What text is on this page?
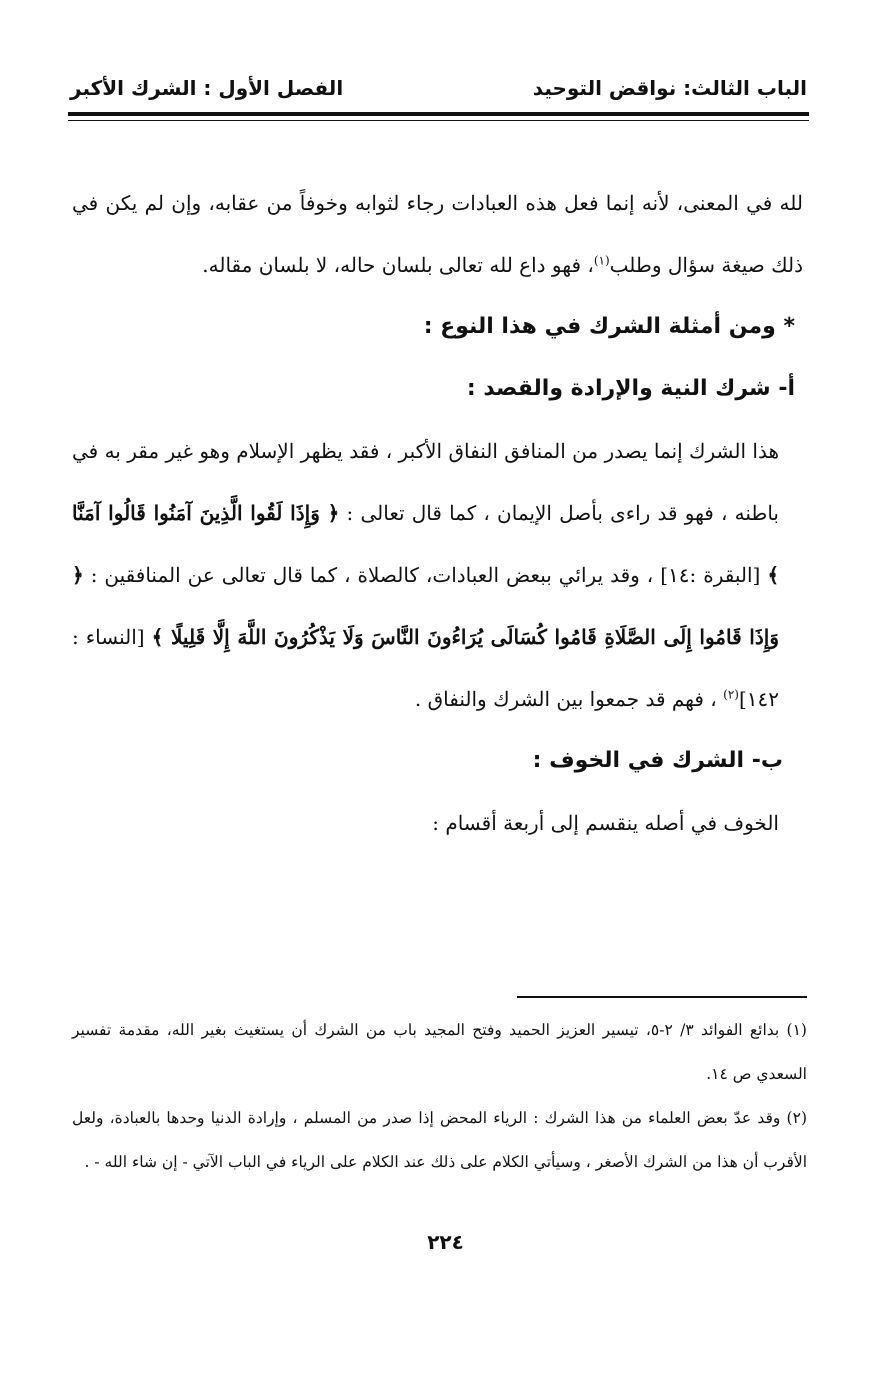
الباب الثالث: نواقض التوحيد
الفصل الأول : الشرك الأكبر

لله في المعنى، لأنه إنما فعل هذه العبادات رجاء لثوابه وخوفاً من عقابه، وإن لم يكن في ذلك صيغة سؤال وطلب$^{(١)}$، فهو داع لله تعالى بلسان حاله، لا بلسان مقاله.

* ومن أمثلة الشرك في هذا النوع :

أ- شرك النية والإرادة والقصد :

هذا الشرك إنما يصدر من المنافق النفاق الأكبر ، فقد يظهر الإسلام وهو غير مقر به في باطنه ، فهو قد راءى بأصل الإيمان ، كما قال تعالى : ﴿ وَإِذَا لَقُوا الَّذِينَ آمَنُوا قَالُوا آمَنَّا ﴾ [البقرة :١٤] ، وقد يرائي ببعض العبادات، كالصلاة ، كما قال تعالى عن المنافقين : ﴿ وَإِذَا قَامُوا إِلَى الصَّلَاةِ قَامُوا كُسَالَى يُرَاءُونَ النَّاسَ وَلَا يَذْكُرُونَ اللَّهَ إِلَّا قَلِيلًا ﴾ [النساء : ١٤٢]$^{(٢)}$ ، فهم قد جمعوا بين الشرك والنفاق .

ب- الشرك في الخوف :

الخوف في أصله ينقسم إلى أربعة أقسام :

(١) بدائع الفوائد ٣/ ٢-٥، تيسير العزيز الحميد وفتح المجيد باب من الشرك أن يستغيث بغير الله، مقدمة تفسير السعدي ص ١٤.

(٢) وقد عدّ بعض العلماء من هذا الشرك : الرياء المحض إذا صدر من المسلم ، وإرادة الدنيا وحدها بالعبادة، ولعل الأقرب أن هذا من الشرك الأصغر ، وسيأتي الكلام على ذلك عند الكلام على الرياء في الباب الآتي - إن شاء الله - .

٢٢٤
